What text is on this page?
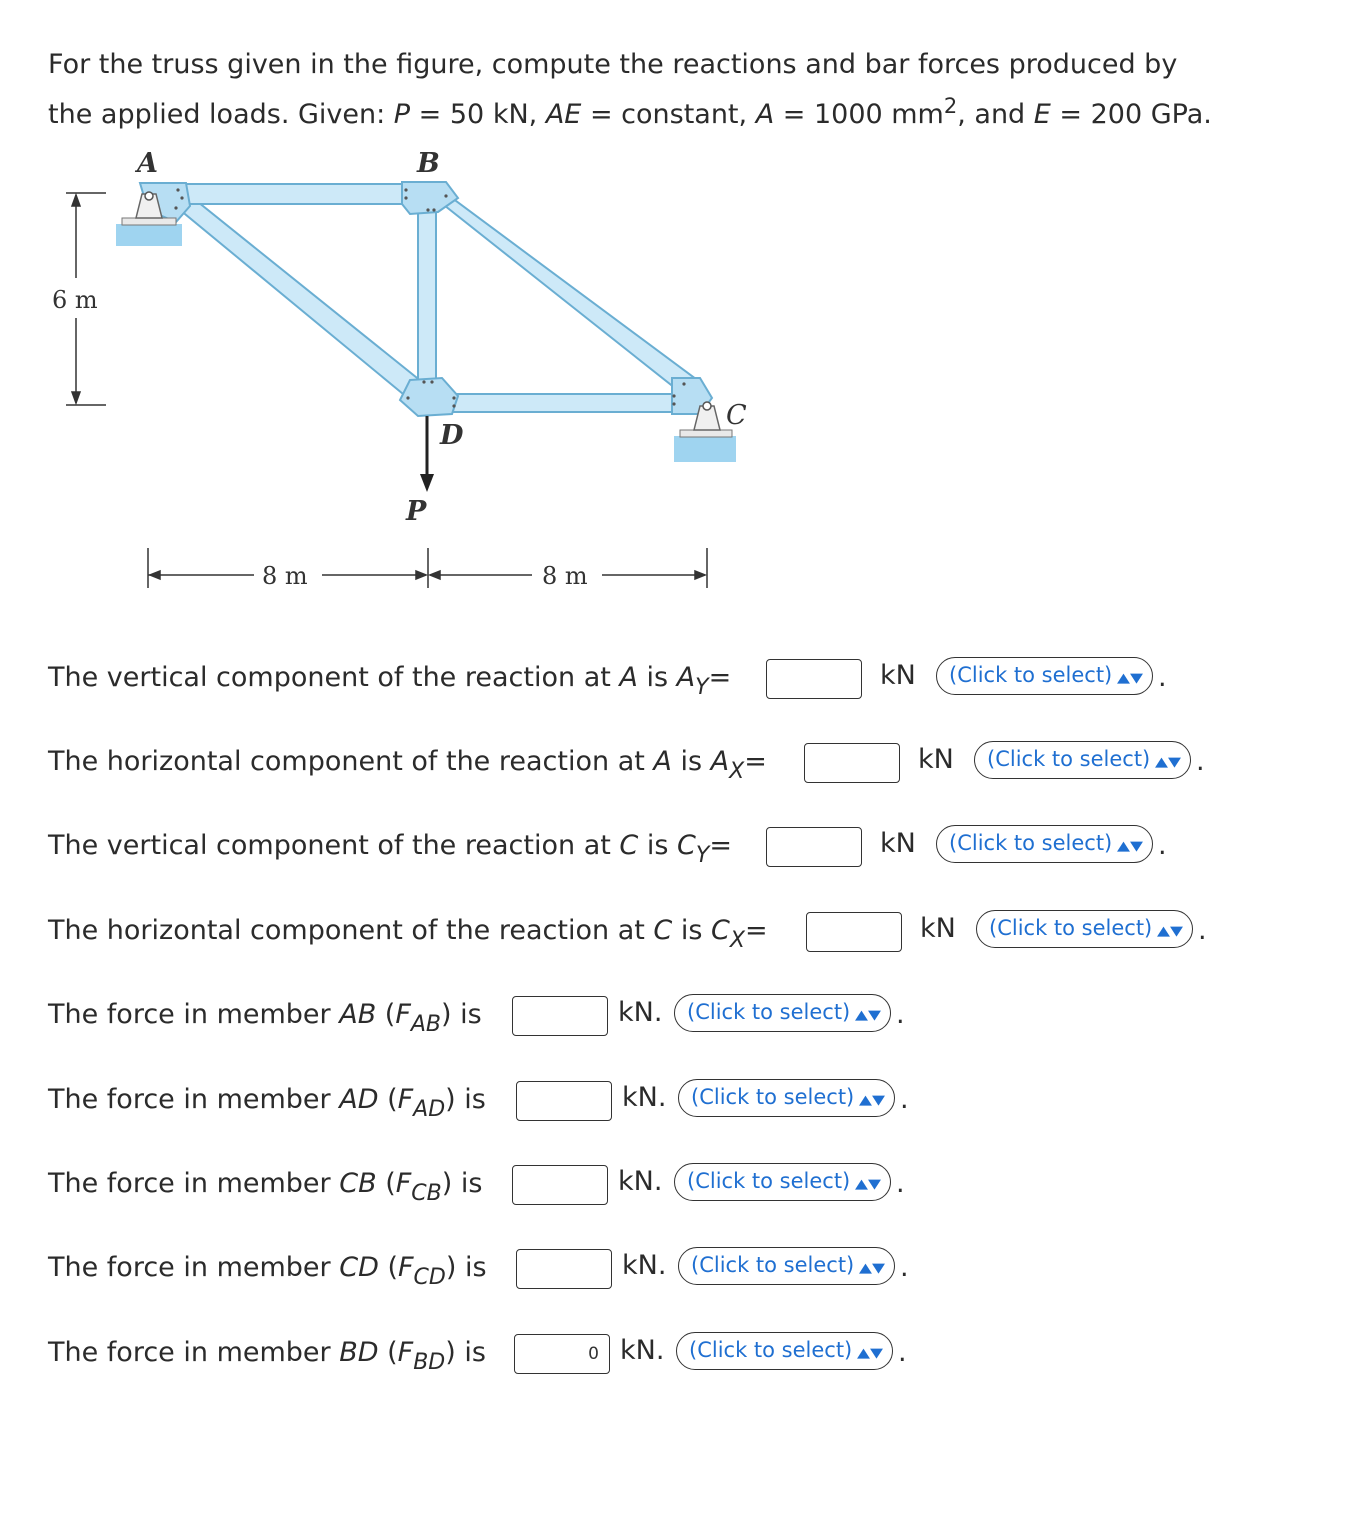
For the truss given in the figure, compute the reactions and bar forces produced by
the applied loads. Given: P = 50 kN, AE = constant, A = 1000 $mm^2$, and E = 200 GPa.
A	B
C
D
P
6 m
8 m	8 m
The vertical component of the reaction at A is $A_Y=$	kN	(Click to select) ▲▼ .
The horizontal component of the reaction at A is $A_X=$	kN	(Click to select) ▲▼ .
The vertical component of the reaction at C is $C_Y=$	kN	(Click to select) ▲▼ .
The horizontal component of the reaction at C is $C_X=$	kN	(Click to select) ▲▼ .
The force in member AB $(F_{AB})$ is	kN.	(Click to select) ▲▼ .
The force in member AD $(F_{AD})$ is	kN.	(Click to select) ▲▼ .
The force in member CB $(F_{CB})$ is	kN.	(Click to select) ▲▼ .
The force in member CD $(F_{CD})$ is	kN.	(Click to select) ▲▼ .
The force in member BD $(F_{BD})$ is	0 kN.	(Click to select) ▲▼ .
